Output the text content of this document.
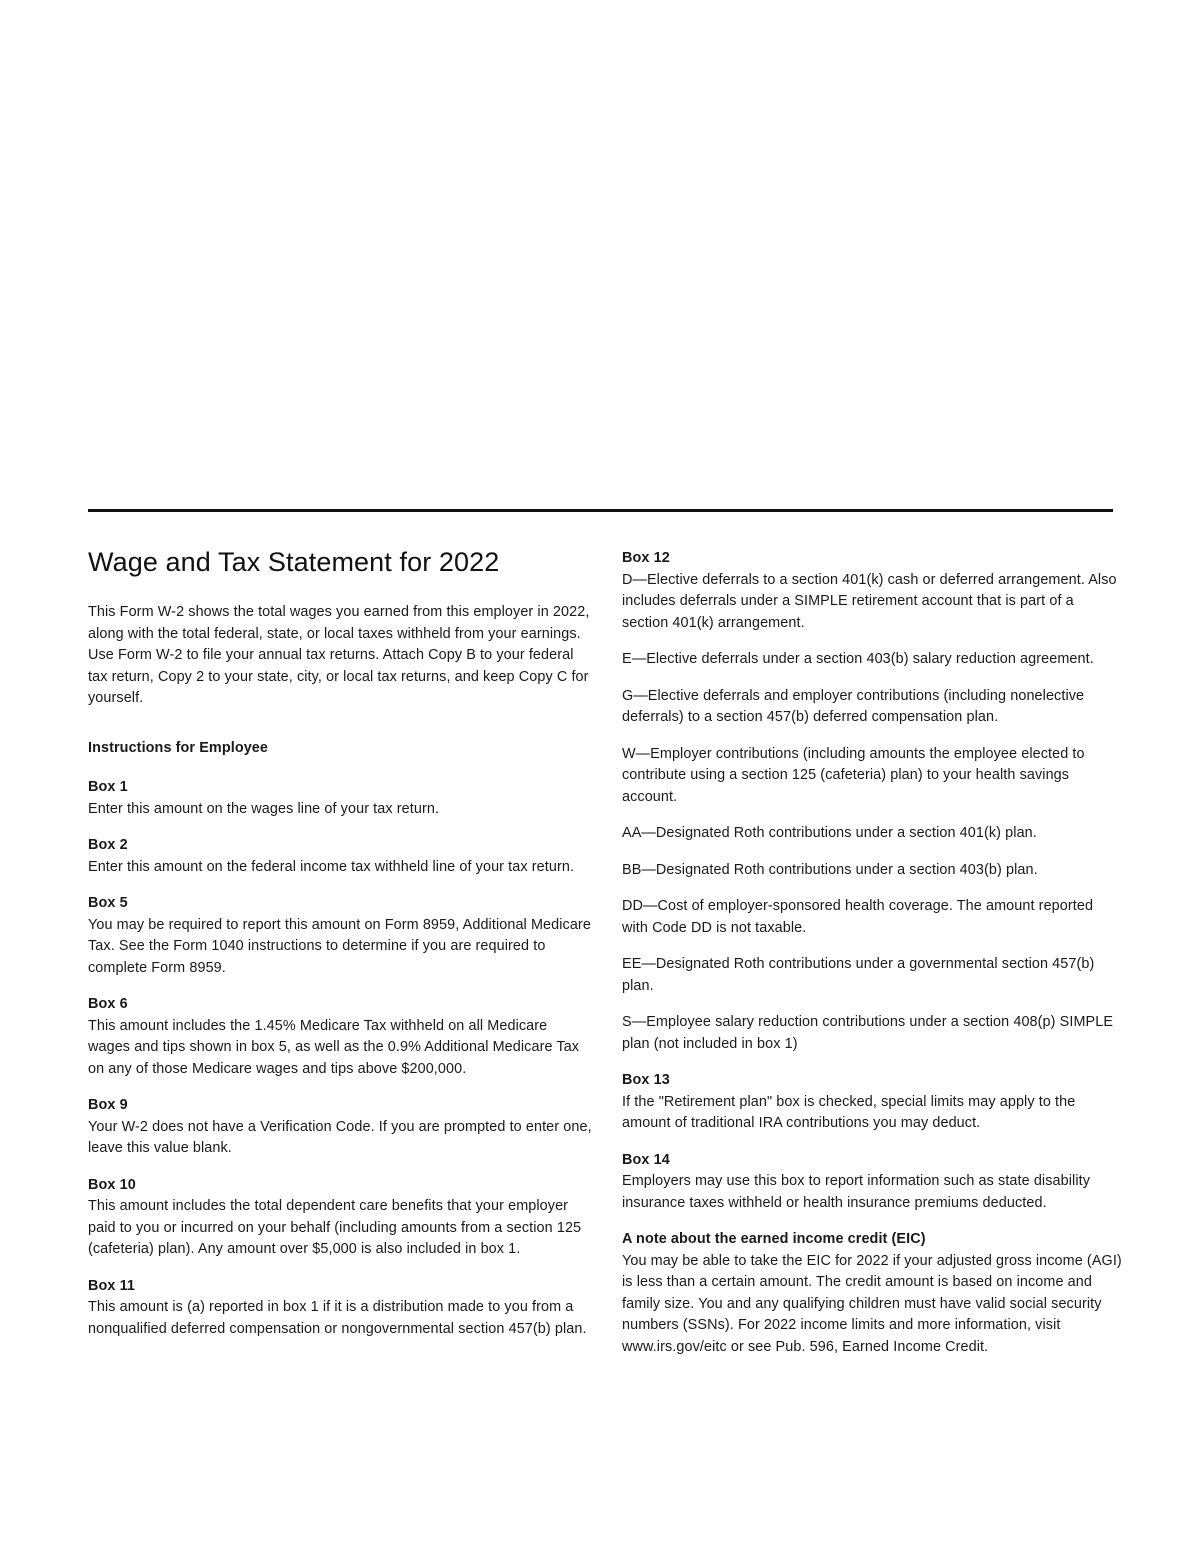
Wage and Tax Statement for 2022

This Form W-2 shows the total wages you earned from this employer in 2022, along with the total federal, state, or local taxes withheld from your earnings. Use Form W-2 to file your annual tax returns. Attach Copy B to your federal tax return, Copy 2 to your state, city, or local tax returns, and keep Copy C for yourself.

Instructions for Employee

Box 1
Enter this amount on the wages line of your tax return.
Box 2
Enter this amount on the federal income tax withheld line of your tax return.
Box 5
You may be required to report this amount on Form 8959, Additional Medicare Tax. See the Form 1040 instructions to determine if you are required to complete Form 8959.
Box 6
This amount includes the 1.45% Medicare Tax withheld on all Medicare wages and tips shown in box 5, as well as the 0.9% Additional Medicare Tax on any of those Medicare wages and tips above $200,000.
Box 9
Your W-2 does not have a Verification Code. If you are prompted to enter one, leave this value blank.
Box 10
This amount includes the total dependent care benefits that your employer paid to you or incurred on your behalf (including amounts from a section 125 (cafeteria) plan). Any amount over $5,000 is also included in box 1.
Box 11
This amount is (a) reported in box 1 if it is a distribution made to you from a nonqualified deferred compensation or nongovernmental section 457(b) plan.
Box 12
D—Elective deferrals to a section 401(k) cash or deferred arrangement. Also includes deferrals under a SIMPLE retirement account that is part of a section 401(k) arrangement.
E—Elective deferrals under a section 403(b) salary reduction agreement.
G—Elective deferrals and employer contributions (including nonelective deferrals) to a section 457(b) deferred compensation plan.
W—Employer contributions (including amounts the employee elected to contribute using a section 125 (cafeteria) plan) to your health savings account.
AA—Designated Roth contributions under a section 401(k) plan.
BB—Designated Roth contributions under a section 403(b) plan.
DD—Cost of employer-sponsored health coverage. The amount reported with Code DD is not taxable.
EE—Designated Roth contributions under a governmental section 457(b) plan.
S—Employee salary reduction contributions under a section 408(p) SIMPLE plan (not included in box 1)
Box 13
If the "Retirement plan" box is checked, special limits may apply to the amount of traditional IRA contributions you may deduct.
Box 14
Employers may use this box to report information such as state disability insurance taxes withheld or health insurance premiums deducted.
A note about the earned income credit (EIC)
You may be able to take the EIC for 2022 if your adjusted gross income (AGI) is less than a certain amount. The credit amount is based on income and family size. You and any qualifying children must have valid social security numbers (SSNs). For 2022 income limits and more information, visit www.irs.gov/eitc or see Pub. 596, Earned Income Credit.
